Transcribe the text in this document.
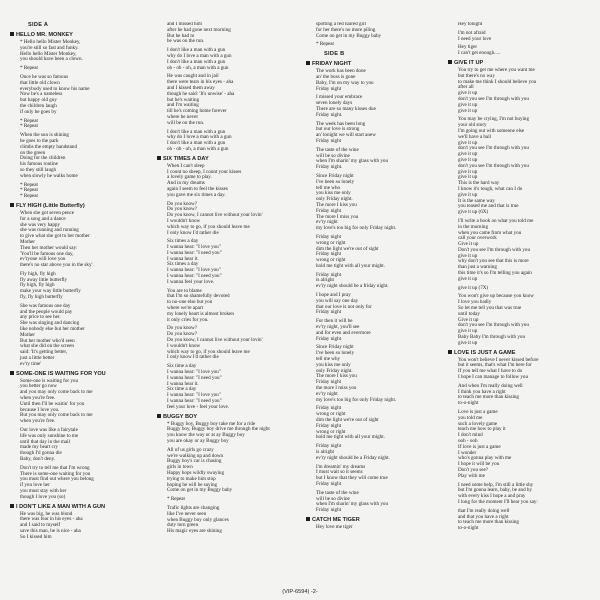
SIDE A
HELLO MR. MONKEY
* Hello hello Mister Monkey,
you're still so fast and funky.
Hello hello Mister Monkey,
you should have been a clown.
* Repeat
Once he was so famous
that little old clown
everybody used to know his name
Now he's a nameless
but happy old guy
the children laugh
if only he goes by
* Repeat
* Repeat
When the sun is shining
he goes to the park
climbs the empty bandstand
on the green
Doing for the children
his famous routine
so they still laugh
when slowly he walks home
* Repeat
* Repeat
* Repeat
FLY HIGH (Little Butterfly)
When she got seven pence
for a song and a dance
she was very happy
she was running and running
to give what she got to her mother
Mother
Then her mother would say:
'You'll be famous one day,
ev'ryone will love you
there's no star above you in the sky'
Fly high, fly high
fly away little butterfly
fly high, fly high
make your way little butterfly
fly, fly high butterfly
She was famous one day
and the people would pay
any price to see her.
She was singing and dancing
like nobody else but her mother
Mother
But her mother who'd seen
what she did on the screen
said: 'It's getting better,
just a little better
ev'ry time'
SOME-ONE IS WAITING FOR YOU
Some-one is waiting for you
you better go now
and you may only come back to me
when you're free.
Until then I'll be waitin' for you
because I love you.
But you may only come back to me
when you're free.
Our love was like a fairytale
life was only sunshine to me
until that day in the mail
made my heart cry
though I'd gonna die
Baby, don't deny.
Don't try to tell me that I'm wrong
There is some-one waiting for you
you must find out where you belong
if you love her
you must stay with her
though I love you (so)
I DON'T LIKE A MAN WITH A GUN
He was big, he was blond
there was fear in his eyes - aha
and I said to myself
save this man, he is nice - aha
So I kissed him
and I missed him
after he had gone next morning
But he had to
he was on the run.
I don't like a man with a gun
why do I love a man with a gun
I don't like a man with a gun
oh - oh - oh, a man with a gun
He was caught and in jail
there were tears in his eyes - aha
and I kissed them away
though he said: 'It's unwise' - aha
but he's waiting
and I'm waiting
till he's coming home forever
where he never
will be on the run.
I don't like a man with a gun
why do I love a man with a gun
I don't like a man with a gun
oh - oh - oh, a man with a gun
SIX TIMES A DAY
When I can't sleep
I count no sheep, I count your kisses
a lovely game to play.
And in my dreams
again I seem to feel the kisses
you gave me six times a day.
Do you know?
Do you know?
Do you know, I cannot live without your lovin'
I wouldn't know
which way to go, if you should leave me
I only know I'd rather die
Six times a day
I wanna hear: "I love you"
I wanna hear: "I need you"
I wanna hear it.
Six times a day
I wanna hear: "I love you"
I wanna hear: "I need you"
I wanna feel your love.
You are to blame
that I'm so shamefully devoted
to no-one else but you
where we're apart
my lonely heart is almost broken
it only cries for you.
Do you know?
Do you know?
Do you know, I cannot live without your lovin'
I wouldn't know
which way to go, if you should leave me
I only know I'd rather die
Six time a day
I wanna hear: "I love you"
I wanna hear: "I need you"
I wanna hear it.
Six time a day
I wanna hear: "I love you"
I wanna hear: "I need you"
feel your love - feel your love.
BUGGY BOY
* Buggy boy, Buggy boy take me for a ride
Buggy boy, Buggy boy drive me through the night
you know the way or at ay Buggy boy
you are okay or ay Buggy boy
All of us girls go crazy
we're walking up and down
Buggy boy's car is chasing
girls in town
Happy hops wildly swaying
trying to make him stop
hoping he will be saying
Come on get in my Buggy baby
* Repeat
Trafic lights are changing
like I've never seen
when Buggy boy only glances
duty turn green
His magic eyes are shining
spotting a red haired girl
for her there's no more piling
Come on get in my Buggy baby
* Repeat
SIDE B
FRIDAY NIGHT
The work has been done
an' the boss is gone
Baby, I'm on my way to you
Friday night
I missed your embrace
seven lonely days
There are so many kisses due
Friday night.
The week has been long
but our love is strong
an' tonight we will start anew
Friday night
The taste of the wine
will be so divine
when I'm sharin' my glass with you
Friday night.
Since Friday night
I've been so lonely
tell me who
you kiss me only
only Friday night.
The more I kiss you
Friday night
The more I miss you
ev'ry night
my love's too big for only Friday night.
Friday night
wrong or right
dim the light we're out of sight
Friday night
wrong or right
hold me tight with all your might.
Friday night
is alright
ev'ry night should be a friday night.
I hope and I pray
you will say one day
that our love is not only for
Friday night
For then it will be
ev'ry night, you'll see
and for even and evermore
Friday night
Since Friday night
I've been so lonely
tell me why
you kiss me only
only Friday night.
The more I kiss you
Friday night
the more I miss you
ev'ry night
my love's too big for only Friday night.
Friday night
wrong or right
dim the light we're out of sight
Friday night
wrong or right
hold me tight with all your might.
Friday night
is alright
ev'ry night should be a Friday night.
I'm dreamin' my dreams
I must wait so it seems
but I know that they will come true
Friday night
The taste of the wine
will be so divine
when I'm sharin' my glass with you
Friday night
CATCH ME TIGER
Hey love me tiger
Hey tonight
I'm not afraid
I need your love
Hey tiger
I can't get enough.....
GIVE IT UP
You try to get me where you want me
but there's no way
to make me think I should believe you
after all
give it up
don't you see I'm through with you
give it up
give it up
You may be crying, I'm not buying
your old story
I'm going out with someone else
we'll have a ball
give it up
don't you see I'm through with you
give it up
give it up
don't you see I'm through with you
give it up
give it up
This is the hard way
I know it's tough, what can I do
give it up
It is the same way
you teased me and that is true
give it up (6X)
I'll write a book on what you told me
in the morning
when you came from what you
call your overwork
Give it up
Don't you see I'm through with you
give it up
why don't you see that this is more
than just a warning
this time it's so I'm telling you again
give it up
give it up (7X)
You won't give up because you know
I love you badly
So let me tell you that was true
until today
Give it up
don't you see I'm through with you
give it up
Baby Baby I'm through with you
give it up
LOVE IS JUST A GAME
You won't believe I never kissed before
but it seems, that's what I'm here for
If you tell me what I have to do
I hope I can manage to follow you
And when I'm really doing well
I think you have a right
to teach me more than kissing
to-o-night
Love is just a game
you told me
such a lovely game
teach me how to play it
I don't mind
ooh - ooh
If love is just a game
I wonder
who's gonna play with me
I hope it will be you
Don't you see?
Play with me
I need some help, I'm still a little shy
but I'm gonna learn, baby, be and by
with every kiss I hope a and pray
I long for the moment I'll hear you say:
that I'm really doing well
and that you have a right
to teach me more than kissing
to-o-night
(VIP-6594) -2-
